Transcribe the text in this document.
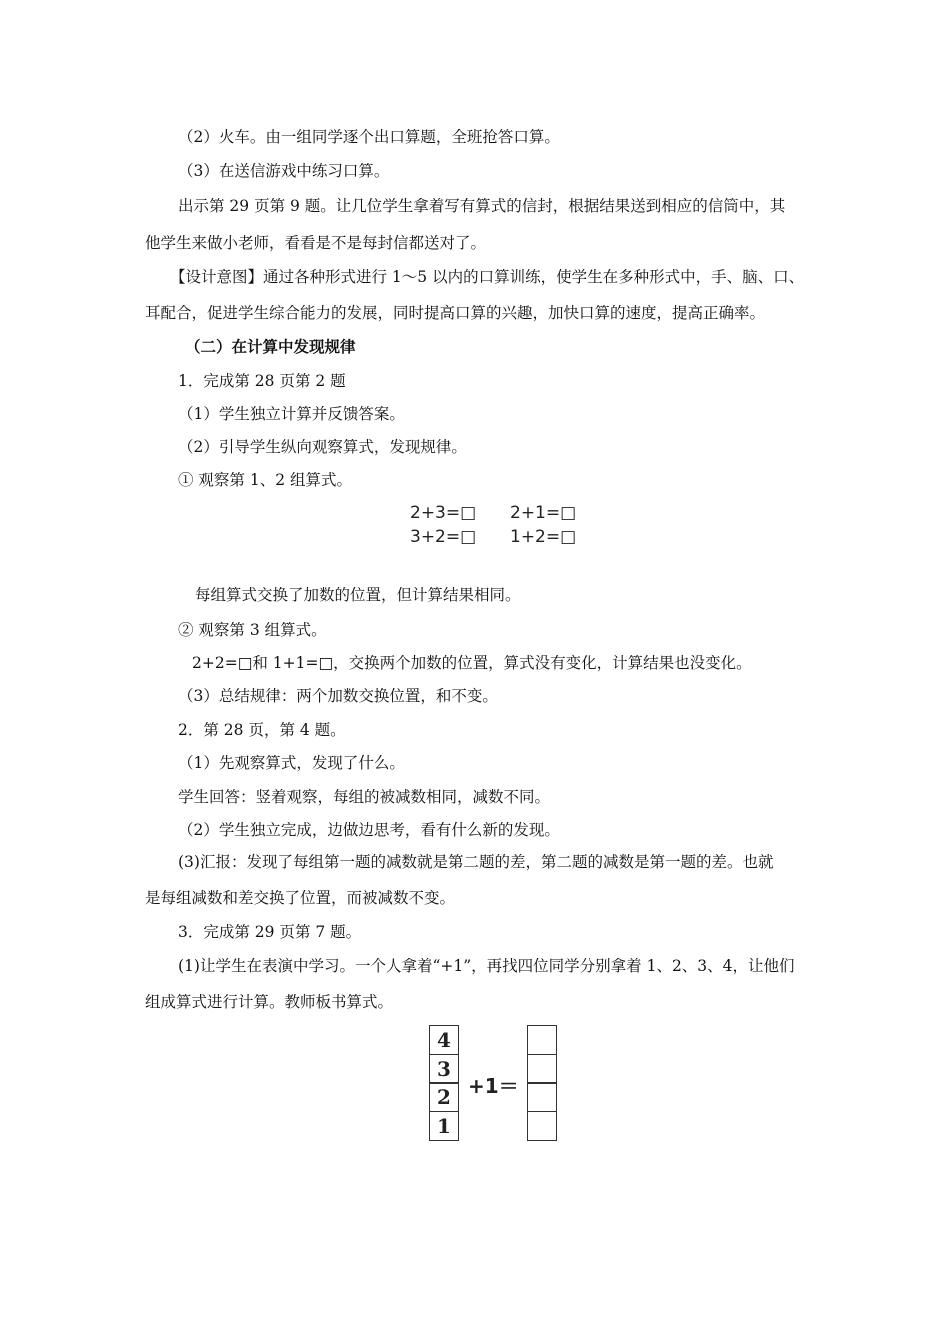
（2）火车。由一组同学逐个出口算题，全班抢答口算。
（3）在送信游戏中练习口算。
出示第 29 页第 9 题。让几位学生拿着写有算式的信封，根据结果送到相应的信筒中，其
他学生来做小老师，看看是不是每封信都送对了。
【设计意图】通过各种形式进行 1～5 以内的口算训练，使学生在多种形式中，手、脑、口、
耳配合，促进学生综合能力的发展，同时提高口算的兴趣，加快口算的速度，提高正确率。
（二）在计算中发现规律
1．完成第 28 页第 2 题
（1）学生独立计算并反馈答案。
（2）引导学生纵向观察算式，发现规律。
① 观察第 1、2 组算式。
2+3=□ 2+1=□
3+2=□ 1+2=□
每组算式交换了加数的位置，但计算结果相同。
② 观察第 3 组算式。
2+2=□和 1+1=□，交换两个加数的位置，算式没有变化，计算结果也没变化。
（3）总结规律：两个加数交换位置，和不变。
2．第 28 页，第 4 题。
（1）先观察算式，发现了什么。
学生回答：竖着观察，每组的被减数相同，减数不同。
（2）学生独立完成，边做边思考，看有什么新的发现。
(3)汇报：发现了每组第一题的减数就是第二题的差，第二题的减数是第一题的差。也就
是每组减数和差交换了位置，而被减数不变。
3．完成第 29 页第 7 题。
(1)让学生在表演中学习。一个人拿着“+1”，再找四位同学分别拿着 1、2、3、4，让他们
组成算式进行计算。教师板书算式。
4
3
2
1
+1＝
